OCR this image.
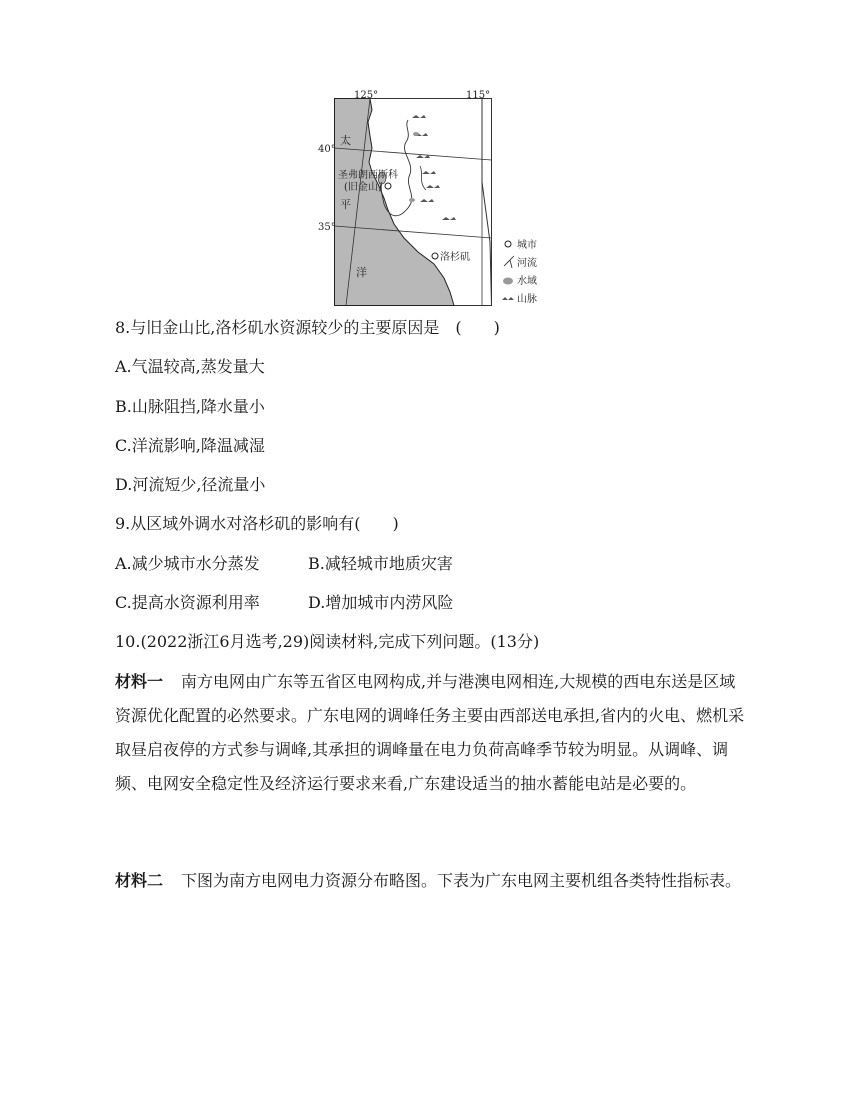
125°	115°
40°
35°
太
平
洋
圣弗朗西斯科
(旧金山)
洛杉矶
城市
河流
水域
山脉
8.与旧金山比,洛杉矶水资源较少的主要原因是　(　　)
A.气温较高,蒸发量大
B.山脉阻挡,降水量小
C.洋流影响,降温减湿
D.河流短少,径流量小
9.从区域外调水对洛杉矶的影响有(　　)
A.减少城市水分蒸发	B.减轻城市地质灾害
C.提高水资源利用率	D.增加城市内涝风险
10.(2022浙江6月选考,29)阅读材料,完成下列问题。(13分)
材料一 南方电网由广东等五省区电网构成,并与港澳电网相连,大规模的西电东送是区域资源优化配置的必然要求。广东电网的调峰任务主要由西部送电承担,省内的火电、燃机采取昼启夜停的方式参与调峰,其承担的调峰量在电力负荷高峰季节较为明显。从调峰、调频、电网安全稳定性及经济运行要求来看,广东建设适当的抽水蓄能电站是必要的。
材料二 下图为南方电网电力资源分布略图。下表为广东电网主要机组各类特性指标表。
